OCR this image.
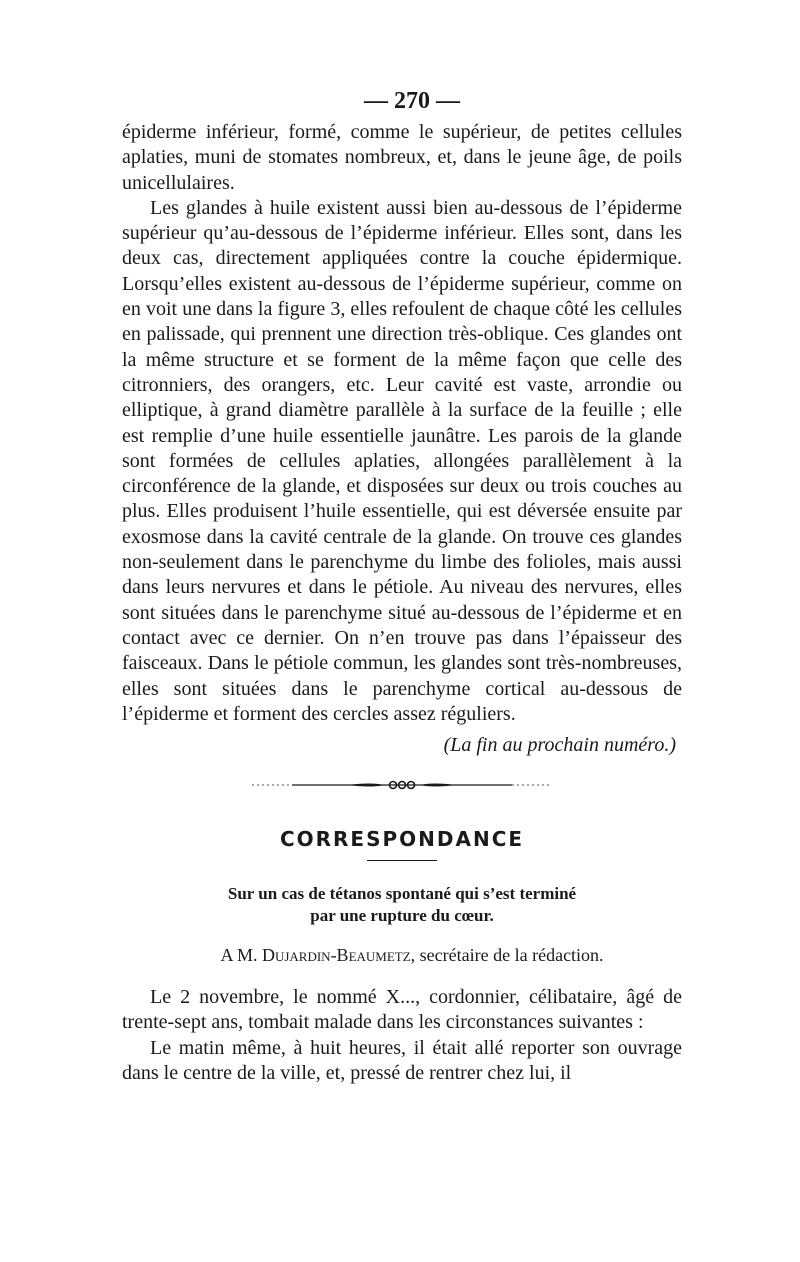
— 270 —

épiderme inférieur, formé, comme le supérieur, de petites cellules aplaties, muni de stomates nombreux, et, dans le jeune âge, de poils unicellulaires.

Les glandes à huile existent aussi bien au-dessous de l’épiderme supérieur qu’au-dessous de l’épiderme inférieur. Elles sont, dans les deux cas, directement appliquées contre la couche épidermique. Lorsqu’elles existent au-dessous de l’épiderme supérieur, comme on en voit une dans la figure 3, elles refoulent de chaque côté les cellules en palissade, qui prennent une direction très-oblique. Ces glandes ont la même structure et se forment de la même façon que celle des citronniers, des orangers, etc. Leur cavité est vaste, arrondie ou elliptique, à grand diamètre parallèle à la surface de la feuille ; elle est remplie d’une huile essentielle jaunâtre. Les parois de la glande sont formées de cellules aplaties, allongées parallèlement à la circonférence de la glande, et disposées sur deux ou trois couches au plus. Elles produisent l’huile essentielle, qui est déversée ensuite par exosmose dans la cavité centrale de la glande. On trouve ces glandes non-seulement dans le parenchyme du limbe des folioles, mais aussi dans leurs nervures et dans le pétiole. Au niveau des nervures, elles sont situées dans le parenchyme situé au-dessous de l’épiderme et en contact avec ce dernier. On n’en trouve pas dans l’épaisseur des faisceaux. Dans le pétiole commun, les glandes sont très-nombreuses, elles sont situées dans le parenchyme cortical au-dessous de l’épiderme et forment des cercles assez réguliers.

(La fin au prochain numéro.)
CORRESPONDANCE
Sur un cas de tétanos spontané qui s’est terminé
par une rupture du cœur.
A M. Dujardin-Beaumetz, secrétaire de la rédaction.

Le 2 novembre, le nommé X..., cordonnier, célibataire, âgé de trente-sept ans, tombait malade dans les circonstances suivantes :

Le matin même, à huit heures, il était allé reporter son ouvrage dans le centre de la ville, et, pressé de rentrer chez lui, il
